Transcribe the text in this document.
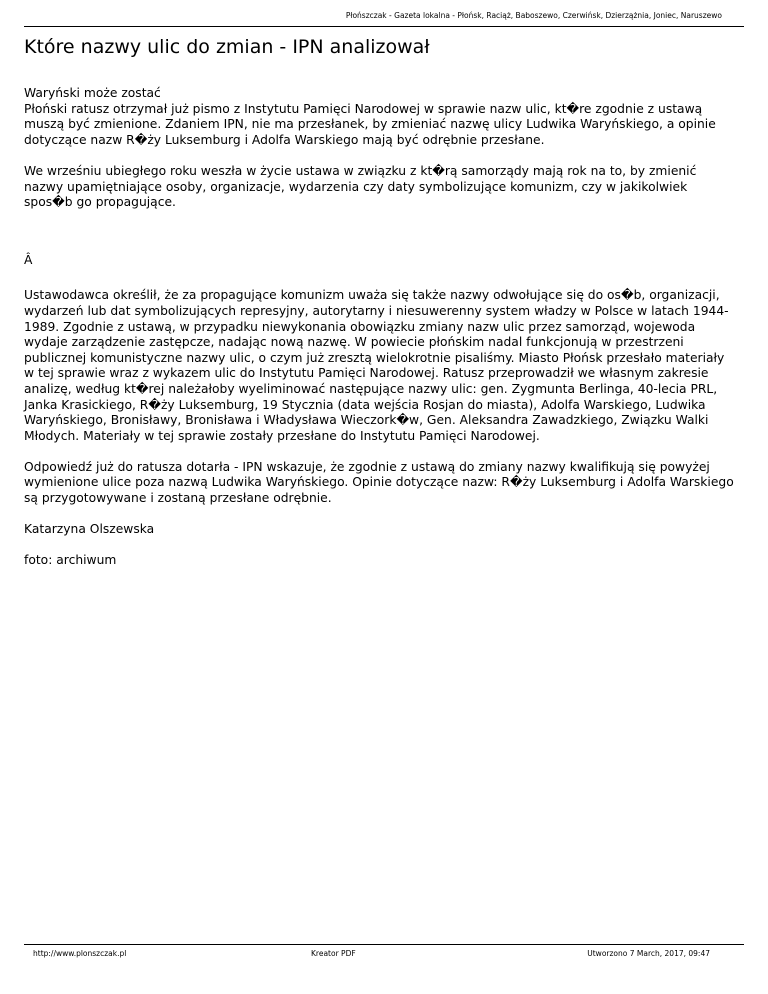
Płońszczak - Gazeta lokalna - Płońsk, Raciąż, Baboszewo, Czerwińsk, Dzierzążnia, Joniec, Naruszewo
Które nazwy ulic do zmian - IPN analizował

Waryński może zostać
Płoński ratusz otrzymał już pismo z Instytutu Pamięci Narodowej w sprawie nazw ulic, kt�re zgodnie z ustawą muszą być zmienione. Zdaniem IPN, nie ma przesłanek, by zmieniać nazwę ulicy Ludwika Waryńskiego, a opinie dotyczące nazw R�ży Luksemburg i Adolfa Warskiego mają być odrębnie przesłane.

We wrześniu ubiegłego roku weszła w życie ustawa w związku z kt�rą samorządy mają rok na to, by zmienić nazwy upamiętniające osoby, organizacje, wydarzenia czy daty symbolizujące komunizm, czy w jakikolwiek spos�b go propagujące.

Â

Ustawodawca określił, że za propagujące komunizm uważa się także nazwy odwołujące się do os�b, organizacji, wydarzeń lub dat symbolizujących represyjny, autorytarny i niesuwerenny system władzy w Polsce w latach 1944-1989. Zgodnie z ustawą, w przypadku niewykonania obowiązku zmiany nazw ulic przez samorząd, wojewoda wydaje zarządzenie zastępcze, nadając nową nazwę. W powiecie płońskim nadal funkcjonują w przestrzeni publicznej komunistyczne nazwy ulic, o czym już zresztą wielokrotnie pisaliśmy. Miasto Płońsk przesłało materiały w tej sprawie wraz z wykazem ulic do Instytutu Pamięci Narodowej. Ratusz przeprowadził we własnym zakresie analizę, według kt�rej należałoby wyeliminować następujące nazwy ulic: gen. Zygmunta Berlinga, 40-lecia PRL, Janka Krasickiego, R�ży Luksemburg, 19 Stycznia (data wejścia Rosjan do miasta), Adolfa Warskiego, Ludwika Waryńskiego, Bronisławy, Bronisława i Władysława Wieczork�w, Gen. Aleksandra Zawadzkiego, Związku Walki Młodych. Materiały w tej sprawie zostały przesłane do Instytutu Pamięci Narodowej.

Odpowiedź już do ratusza dotarła - IPN wskazuje, że zgodnie z ustawą do zmiany nazwy kwalifikują się powyżej wymienione ulice poza nazwą Ludwika Waryńskiego. Opinie dotyczące nazw: R�ży Luksemburg i Adolfa Warskiego są przygotowywane i zostaną przesłane odrębnie.

Katarzyna Olszewska

foto: archiwum

http://www.plonszczak.pl	Kreator PDF	Utworzono 7 March, 2017, 09:47
